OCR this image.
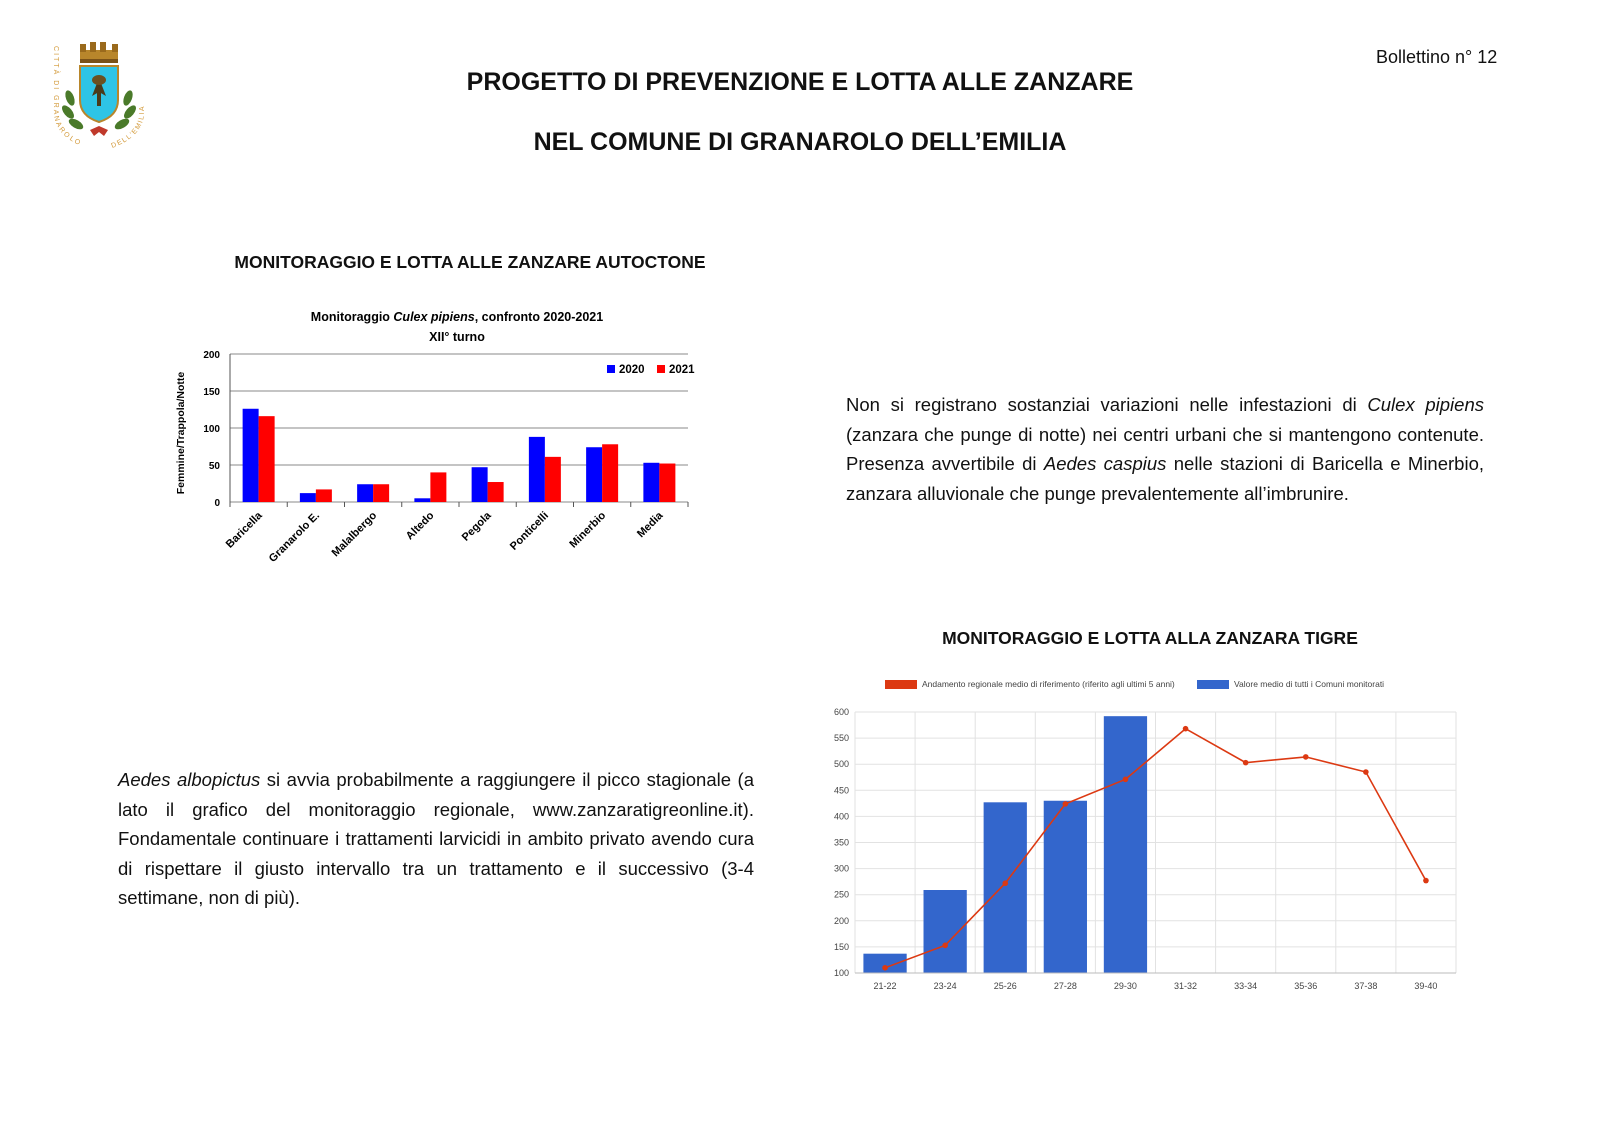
CITTÀ DI GRANAROLO	DELL'EMILIA
Bollettino n° 12
PROGETTO DI PREVENZIONE E LOTTA ALLE ZANZARE
NEL COMUNE DI GRANAROLO DELL’EMILIA
MONITORAGGIO E LOTTA ALLE ZANZARE AUTOCTONE
Monitoraggio Culex pipiens, confronto 2020-2021
XII° turno
Femmine/Trappola/Notte
0
50
100
150
200
Baricella Granarolo E. Malalbergo Altedo Pegola Ponticelli Minerbio Media
2020 2021
Non si registrano sostanziai variazioni nelle infestazioni di Culex pipiens (zanzara che punge di notte) nei centri urbani che si mantengono contenute. Presenza avvertibile di Aedes caspius nelle stazioni di Baricella e Minerbio, zanzara alluvionale che punge prevalentemente all’imbrunire.
MONITORAGGIO E LOTTA ALLA ZANZARA TIGRE
Aedes albopictus si avvia probabilmente a raggiungere il picco stagionale (a lato il grafico del monitoraggio regionale, www.zanzaratigreonline.it). Fondamentale continuare i trattamenti larvicidi in ambito privato avendo cura di rispettare il giusto intervallo tra un trattamento e il successivo (3-4 settimane, non di più).
Andamento regionale medio di riferimento (riferito agli ultimi 5 anni)	Valore medio di tutti i Comuni monitorati
100
150
200
250
300
350
400
450
500
550
600
21-22	23-24	25-26	27-28	29-30	31-32	33-34	35-36	37-38	39-40
